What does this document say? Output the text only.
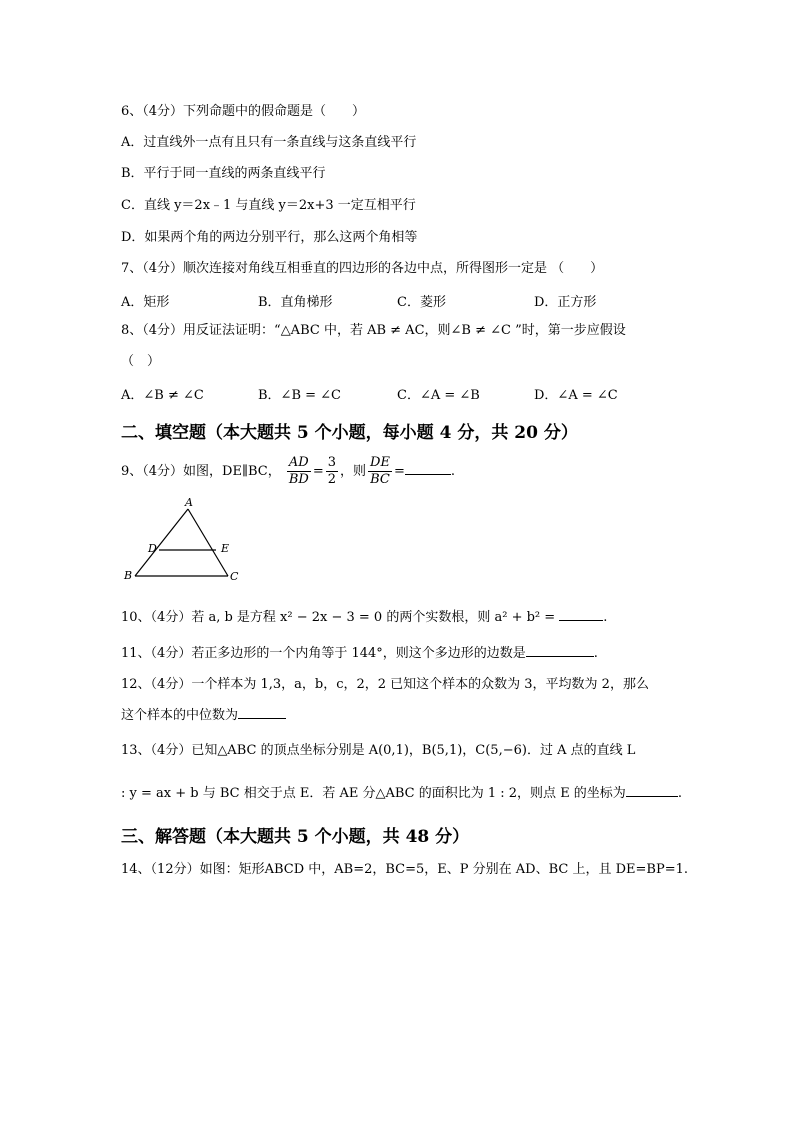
6、（4分）下列命题中的假命题是（　　）
A．过直线外一点有且只有一条直线与这条直线平行
B．平行于同一直线的两条直线平行
C．直线 y＝2x﹣1 与直线 y＝2x+3 一定互相平行
D．如果两个角的两边分别平行，那么这两个角相等
7、（4分）顺次连接对角线互相垂直的四边形的各边中点，所得图形一定是 （　　）
A．矩形	B．直角梯形	C．菱形	D．正方形
8、（4分）用反证法证明：“△ABC 中，若 AB ≠ AC，则∠B ≠ ∠C ”时，第一步应假设
（　）
A．∠B ≠ ∠C	B．∠B = ∠C	C．∠A = ∠B	D．∠A = ∠C
二、填空题（本大题共 5 个小题，每小题 4 分，共 20 分）
9、（4分）如图，DE∥BC， $\frac{AD}{BD} = \frac{3}{2}$ ，则 $\frac{DE}{BC}$ =	.
A
D	E
B	C
10、（4分）若 a, b 是方程 x² − 2x − 3 = 0 的两个实数根，则 a² + b² =	.
11、（4分）若正多边形的一个内角等于 144°，则这个多边形的边数是	.
12、（4分）一个样本为 1,3，a，b，c，2，2 已知这个样本的众数为 3，平均数为 2，那么
这个样本的中位数为
13、（4分）已知△ABC 的顶点坐标分别是 A(0,1)，B(5,1)，C(5,−6)．过 A 点的直线 L
: y = ax + b 与 BC 相交于点 E．若 AE 分△ABC 的面积比为 1 : 2，则点 E 的坐标为	.
三、解答题（本大题共 5 个小题，共 48 分）
14、（12分）如图：矩形ABCD 中，AB=2，BC=5，E、P 分别在 AD、BC 上，且 DE=BP=1.
